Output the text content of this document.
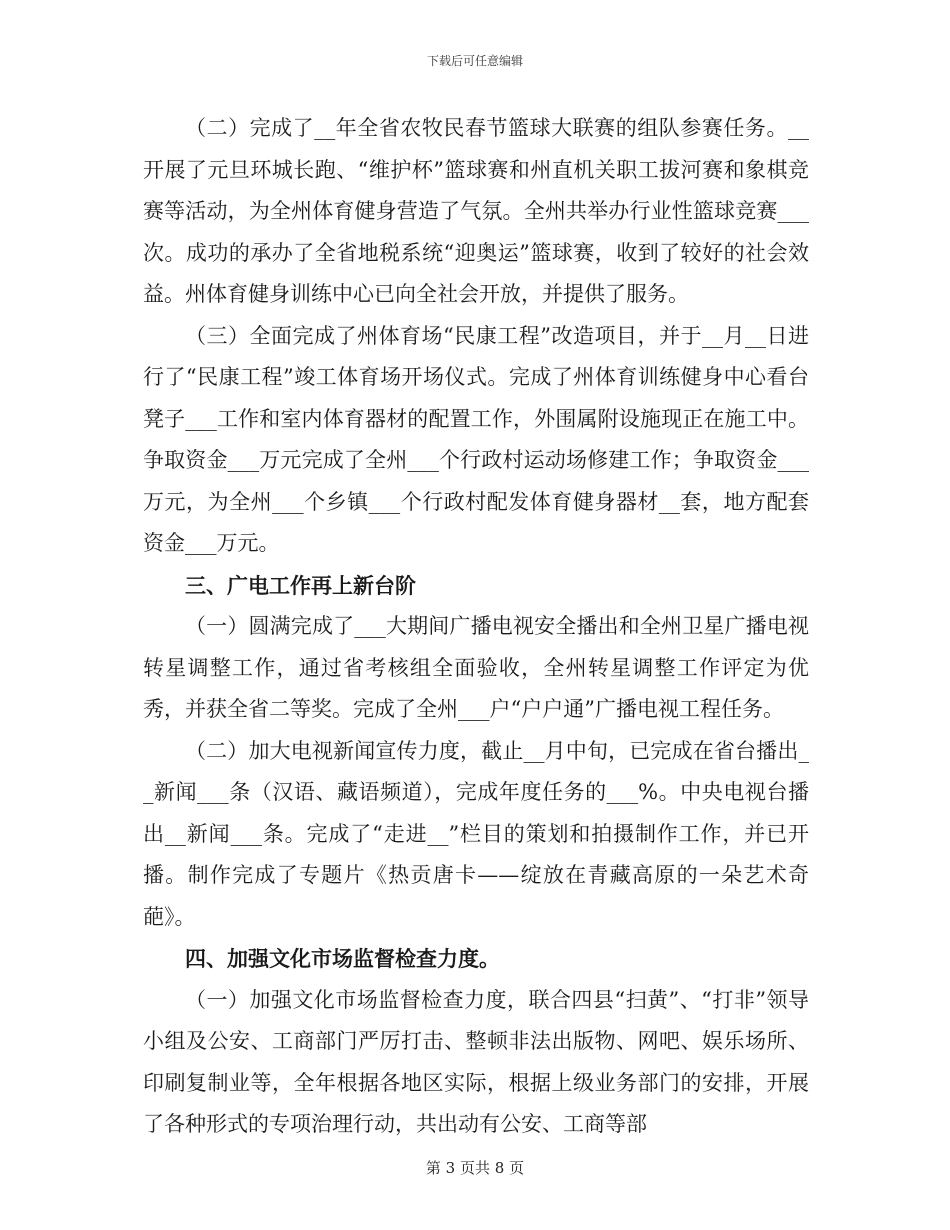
下载后可任意编辑

（二）完成了__年全省农牧民春节篮球大联赛的组队参赛任务。__开展了元旦环城长跑、“维护杯”篮球赛和州直机关职工拔河赛和象棋竞赛等活动，为全州体育健身营造了气氛。全州共举办行业性篮球竞赛___次。成功的承办了全省地税系统“迎奥运”篮球赛，收到了较好的社会效益。州体育健身训练中心已向全社会开放，并提供了服务。

（三）全面完成了州体育场“民康工程”改造项目，并于__月__日进行了“民康工程”竣工体育场开场仪式。完成了州体育训练健身中心看台凳子___工作和室内体育器材的配置工作，外围属附设施现正在施工中。争取资金___万元完成了全州___个行政村运动场修建工作；争取资金___万元，为全州___个乡镇___个行政村配发体育健身器材__套，地方配套资金___万元。

三、广电工作再上新台阶

（一）圆满完成了___大期间广播电视安全播出和全州卫星广播电视转星调整工作，通过省考核组全面验收，全州转星调整工作评定为优秀，并获全省二等奖。完成了全州___户“户户通”广播电视工程任务。

（二）加大电视新闻宣传力度，截止__月中旬，已完成在省台播出__新闻___条（汉语、藏语频道），完成年度任务的___%。中央电视台播出__新闻___条。完成了“走进__”栏目的策划和拍摄制作工作，并已开播。制作完成了专题片《热贡唐卡——绽放在青藏高原的一朵艺术奇葩》。

四、加强文化市场监督检查力度。

（一）加强文化市场监督检查力度，联合四县“扫黄”、“打非”领导小组及公安、工商部门严厉打击、整顿非法出版物、网吧、娱乐场所、印刷复制业等，全年根据各地区实际，根据上级业务部门的安排，开展了各种形式的专项治理行动，共出动有公安、工商等部

第 3 页共 8 页
